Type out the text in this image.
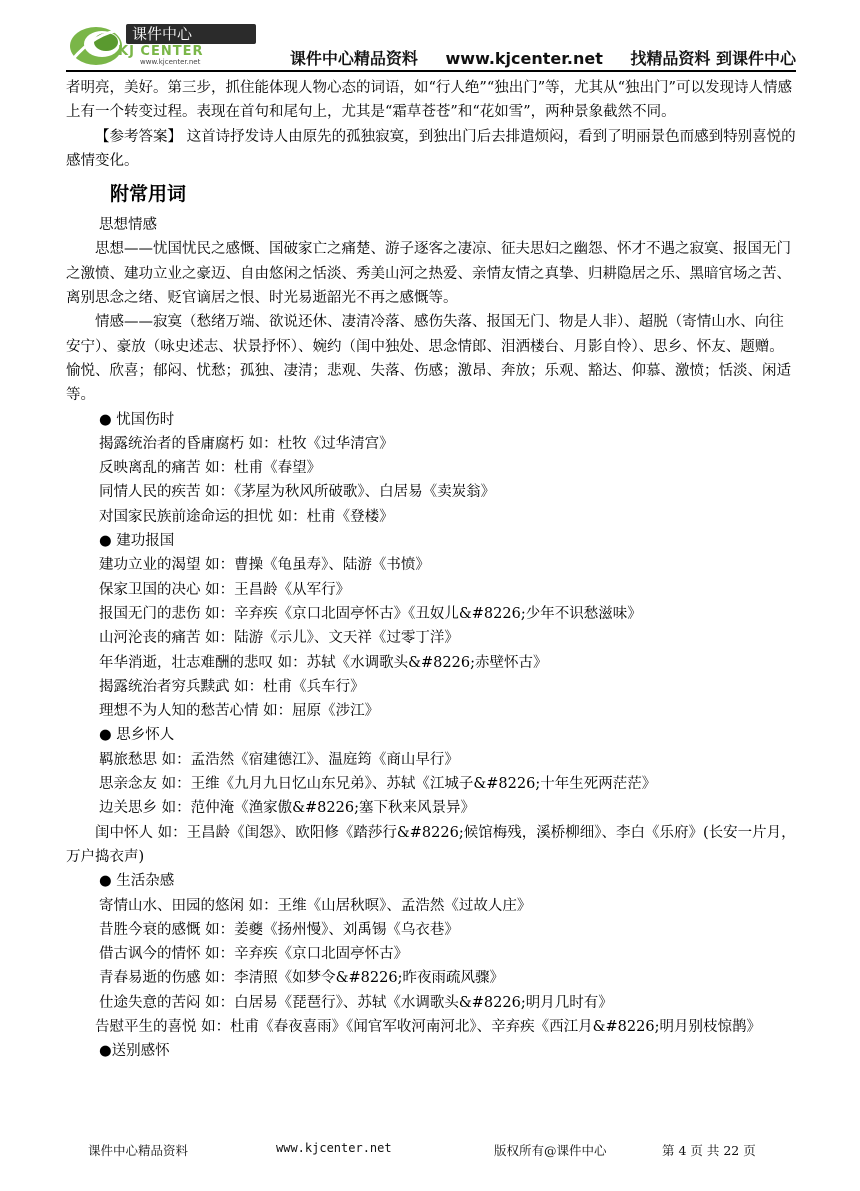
课件中心
KJ CENTER
www.kjcenter.net	课件中心精品资料 www.kjcenter.net 找精品资料 到课件中心

者明亮，美好。第三步，抓住能体现人物心态的词语，如“行人绝”“独出门”等，尤其从“独出门”可以发现诗人情感上有一个转变过程。表现在首句和尾句上，尤其是“霜草苍苍”和“花如雪”，两种景象截然不同。

【参考答案】 这首诗抒发诗人由原先的孤独寂寞，到独出门后去排遣烦闷，看到了明丽景色而感到特别喜悦的感情变化。

附常用词

思想情感

思想——忧国忧民之感慨、国破家亡之痛楚、游子逐客之凄凉、征夫思妇之幽怨、怀才不遇之寂寞、报国无门之激愤、建功立业之豪迈、自由悠闲之恬淡、秀美山河之热爱、亲情友情之真挚、归耕隐居之乐、黑暗官场之苦、离别思念之绪、贬官谪居之恨、时光易逝韶光不再之感慨等。

情感——寂寞（愁绪万端、欲说还休、凄清冷落、感伤失落、报国无门、物是人非）、超脱（寄情山水、向往安宁）、豪放（咏史述志、状景抒怀）、婉约（闺中独处、思念情郎、泪洒楼台、月影自怜）、思乡、怀友、题赠。愉悦、欣喜；郁闷、忧愁；孤独、凄清；悲观、失落、伤感；激昂、奔放；乐观、豁达、仰慕、激愤；恬淡、闲适等。

● 忧国伤时

揭露统治者的昏庸腐朽 如：杜牧《过华清宫》

反映离乱的痛苦 如：杜甫《春望》

同情人民的疾苦 如：《茅屋为秋风所破歌》、白居易《卖炭翁》

对国家民族前途命运的担忧 如：杜甫《登楼》

● 建功报国

建功立业的渴望 如：曹操《龟虽寿》、陆游《书愤》

保家卫国的决心 如：王昌龄《从军行》

报国无门的悲伤 如：辛弃疾《京口北固亭怀古》《丑奴儿&#8226;少年不识愁滋味》

山河沦丧的痛苦 如：陆游《示儿》、文天祥《过零丁洋》

年华消逝，壮志难酬的悲叹 如：苏轼《水调歌头&#8226;赤壁怀古》

揭露统治者穷兵黩武 如：杜甫《兵车行》

理想不为人知的愁苦心情 如：屈原《涉江》

● 思乡怀人

羁旅愁思 如：孟浩然《宿建德江》、温庭筠《商山早行》

思亲念友 如：王维《九月九日忆山东兄弟》、苏轼《江城子&#8226;十年生死两茫茫》

边关思乡 如：范仲淹《渔家傲&#8226;塞下秋来风景异》

闺中怀人 如：王昌龄《闺怨》、欧阳修《踏莎行&#8226;候馆梅残，溪桥柳细》、李白《乐府》(长安一片月，万户捣衣声)

● 生活杂感

寄情山水、田园的悠闲 如：王维《山居秋暝》、孟浩然《过故人庄》

昔胜今衰的感慨 如：姜夔《扬州慢》、刘禹锡《乌衣巷》

借古讽今的情怀 如：辛弃疾《京口北固亭怀古》

青春易逝的伤感 如：李清照《如梦令&#8226;昨夜雨疏风骤》

仕途失意的苦闷 如：白居易《琵琶行》、苏轼《水调歌头&#8226;明月几时有》

告慰平生的喜悦 如：杜甫《春夜喜雨》《闻官军收河南河北》、辛弃疾《西江月&#8226;明月别枝惊鹊》

●送别感怀

课件中心精品资料	www.kjcenter.net	版权所有@课件中心	第 4 页 共 22 页
